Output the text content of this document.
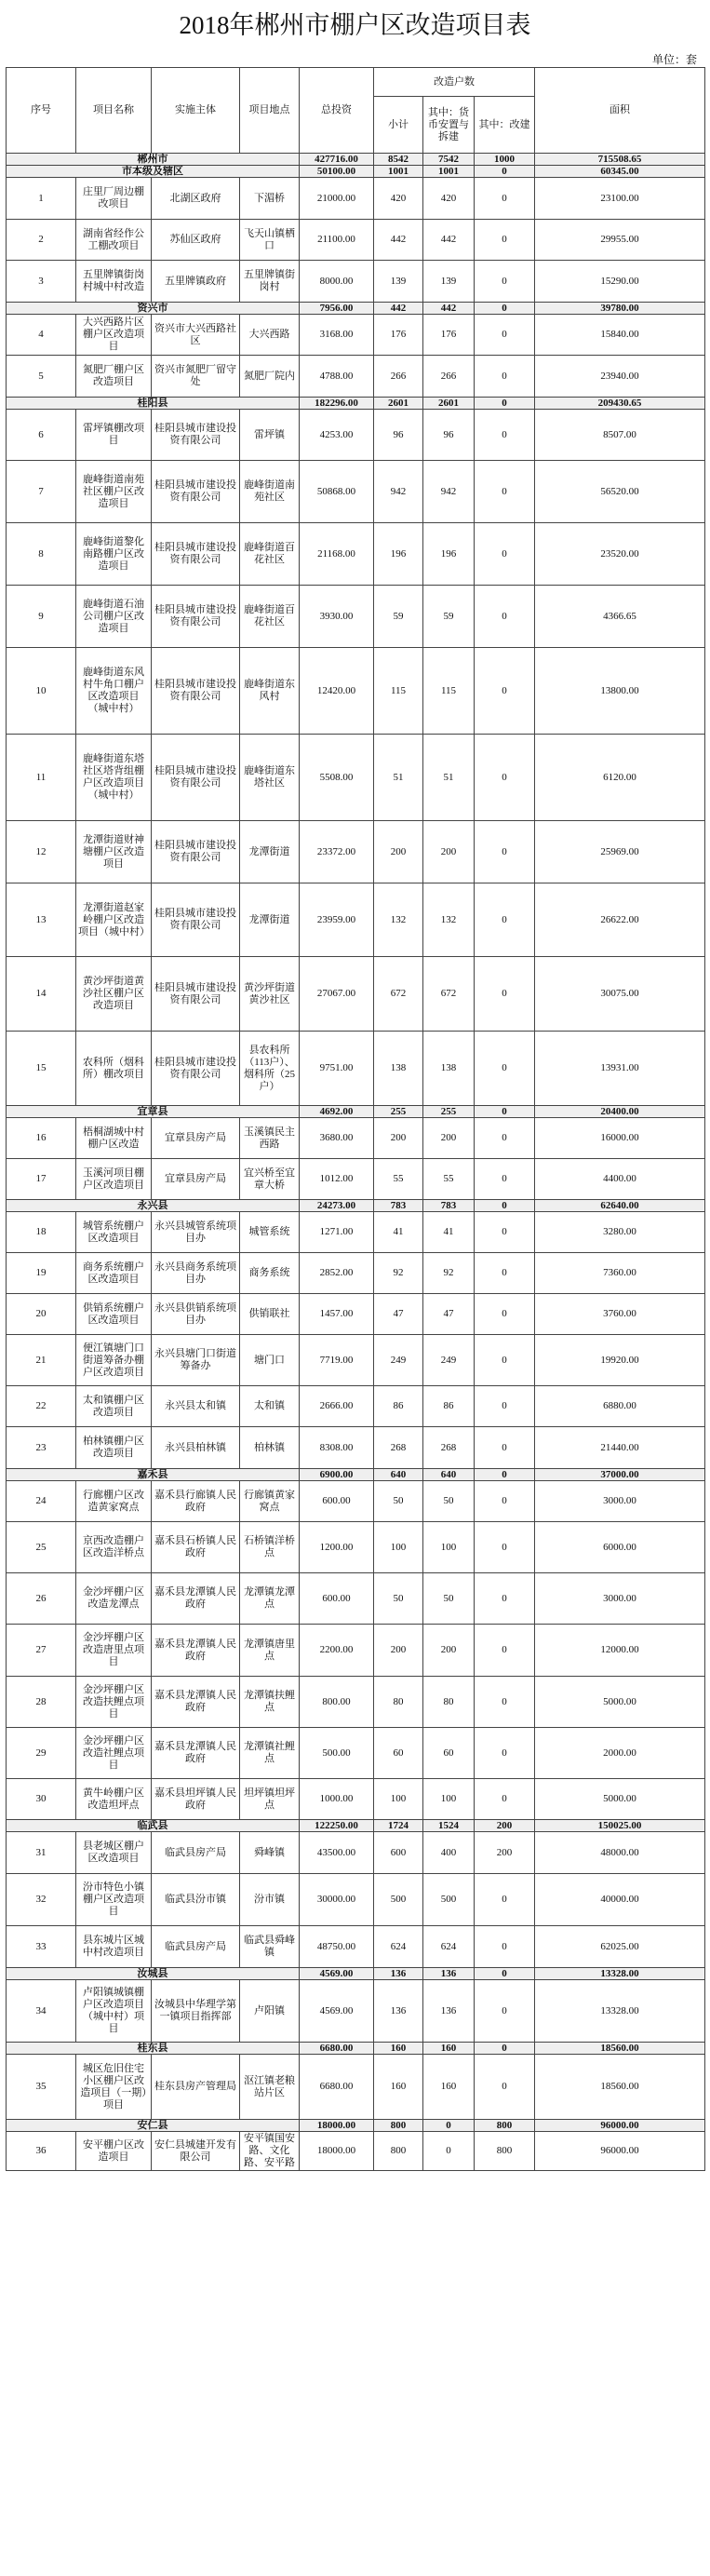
2018年郴州市棚户区改造项目表
单位：套
序号	项目名称	实施主体	项目地点	总投资	改造户数			面积
					小计	其中：货币安置与拆建	其中：改建	
郴州市				427716.00	8542	7542	1000	715508.65
市本级及辖区				50100.00	1001	1001	0	60345.00
1	庄里厂周边棚改项目	北湖区政府	下湄桥	21000.00	420	420	0	23100.00
2	湖南省经作公工棚改项目	苏仙区政府	飞天山镇栖口	21100.00	442	442	0	29955.00
3	五里牌镇街岗村城中村改造	五里牌镇政府	五里牌镇街岗村	8000.00	139	139	0	15290.00
资兴市				7956.00	442	442	0	39780.00
4	大兴西路片区棚户区改造项目	资兴市大兴西路社区	大兴西路	3168.00	176	176	0	15840.00
5	氮肥厂棚户区改造项目	资兴市氮肥厂留守处	氮肥厂院内	4788.00	266	266	0	23940.00
桂阳县				182296.00	2601	2601	0	209430.65
6	雷坪镇棚改项目	桂阳县城市建设投资有限公司	雷坪镇	4253.00	96	96	0	8507.00
7	鹿峰街道南苑社区棚户区改造项目	桂阳县城市建设投资有限公司	鹿峰街道南苑社区	50868.00	942	942	0	56520.00
8	鹿峰街道黎化南路棚户区改造项目	桂阳县城市建设投资有限公司	鹿峰街道百花社区	21168.00	196	196	0	23520.00
9	鹿峰街道石油公司棚户区改造项目	桂阳县城市建设投资有限公司	鹿峰街道百花社区	3930.00	59	59	0	4366.65
10	鹿峰街道东风村牛角口棚户区改造项目（城中村）	桂阳县城市建设投资有限公司	鹿峰街道东风村	12420.00	115	115	0	13800.00
11	鹿峰街道东塔社区塔背组棚户区改造项目（城中村）	桂阳县城市建设投资有限公司	鹿峰街道东塔社区	5508.00	51	51	0	6120.00
12	龙潭街道财神塘棚户区改造项目	桂阳县城市建设投资有限公司	龙潭街道	23372.00	200	200	0	25969.00
13	龙潭街道赵家岭棚户区改造项目（城中村）	桂阳县城市建设投资有限公司	龙潭街道	23959.00	132	132	0	26622.00
14	黄沙坪街道黄沙社区棚户区改造项目	桂阳县城市建设投资有限公司	黄沙坪街道黄沙社区	27067.00	672	672	0	30075.00
15	农科所（烟科所）棚改项目	桂阳县城市建设投资有限公司	县农科所（113户）、烟科所（25户）	9751.00	138	138	0	13931.00
宜章县				4692.00	255	255	0	20400.00
16	梧桐湖城中村棚户区改造	宜章县房产局	玉溪镇民主西路	3680.00	200	200	0	16000.00
17	玉溪河项目棚户区改造项目	宜章县房产局	宜兴桥至宜章大桥	1012.00	55	55	0	4400.00
永兴县				24273.00	783	783	0	62640.00
18	城管系统棚户区改造项目	永兴县城管系统项目办	城管系统	1271.00	41	41	0	3280.00
19	商务系统棚户区改造项目	永兴县商务系统项目办	商务系统	2852.00	92	92	0	7360.00
20	供销系统棚户区改造项目	永兴县供销系统项目办	供销联社	1457.00	47	47	0	3760.00
21	便江镇塘门口街道筹备办棚户区改造项目	永兴县塘门口街道筹备办	塘门口	7719.00	249	249	0	19920.00
22	太和镇棚户区改造项目	永兴县太和镇	太和镇	2666.00	86	86	0	6880.00
23	柏林镇棚户区改造项目	永兴县柏林镇	柏林镇	8308.00	268	268	0	21440.00
嘉禾县				6900.00	640	640	0	37000.00
24	行廊棚户区改造黄家窝点	嘉禾县行廊镇人民政府	行廊镇黄家窝点	600.00	50	50	0	3000.00
25	京西改造棚户区改造洋桥点	嘉禾县石桥镇人民政府	石桥镇洋桥点	1200.00	100	100	0	6000.00
26	金沙坪棚户区改造龙潭点	嘉禾县龙潭镇人民政府	龙潭镇龙潭点	600.00	50	50	0	3000.00
27	金沙坪棚户区改造唐里点项目	嘉禾县龙潭镇人民政府	龙潭镇唐里点	2200.00	200	200	0	12000.00
28	金沙坪棚户区改造扶鲤点项目	嘉禾县龙潭镇人民政府	龙潭镇扶鲤点	800.00	80	80	0	5000.00
29	金沙坪棚户区改造社鲤点项目	嘉禾县龙潭镇人民政府	龙潭镇社鲤点	500.00	60	60	0	2000.00
30	黄牛岭棚户区改造坦坪点	嘉禾县坦坪镇人民政府	坦坪镇坦坪点	1000.00	100	100	0	5000.00
临武县				122250.00	1724	1524	200	150025.00
31	县老城区棚户区改造项目	临武县房产局	舜峰镇	43500.00	600	400	200	48000.00
32	汾市特色小镇棚户区改造项目	临武县汾市镇	汾市镇	30000.00	500	500	0	40000.00
33	县东城片区城中村改造项目	临武县房产局	临武县舜峰镇	48750.00	624	624	0	62025.00
汝城县				4569.00	136	136	0	13328.00
34	卢阳镇城镇棚户区改造项目（城中村）项目	汝城县中华理学第一镇项目指挥部	卢阳镇	4569.00	136	136	0	13328.00
桂东县				6680.00	160	160	0	18560.00
35	城区危旧住宅小区棚户区改造项目（一期）项目	桂东县房产管理局	沤江镇老粮站片区	6680.00	160	160	0	18560.00
安仁县				18000.00	800	0	800	96000.00
36	安平棚户区改造项目	安仁县城建开发有限公司	安平镇国安路、文化路、安平路	18000.00	800	0	800	96000.00
